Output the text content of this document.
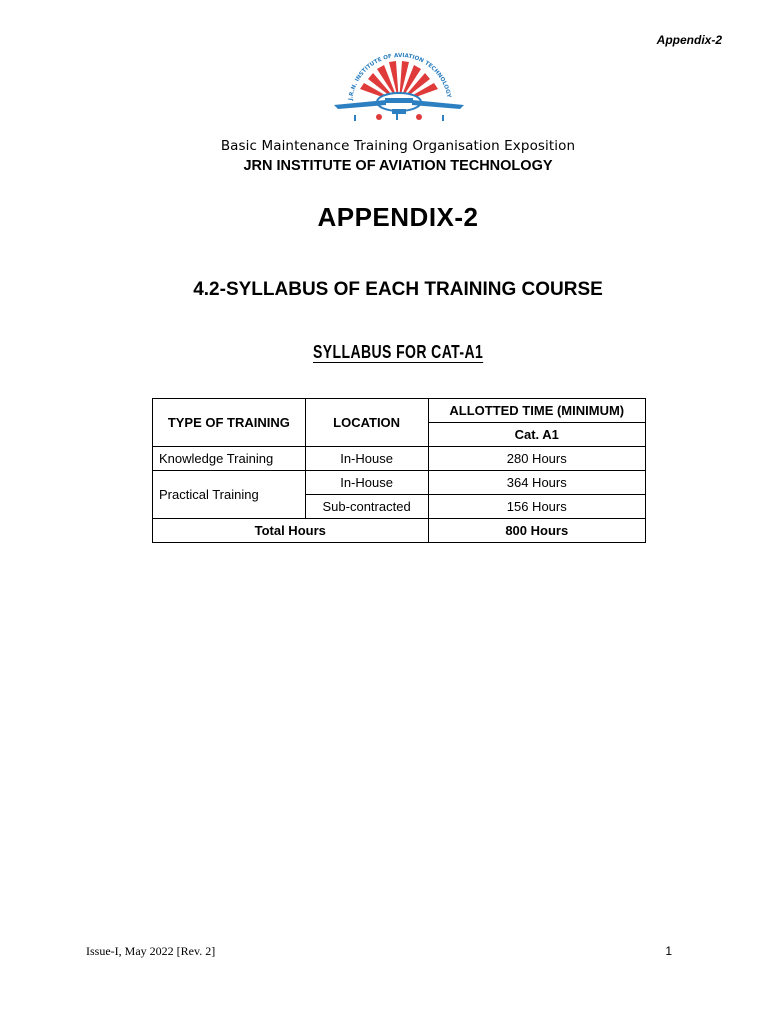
Appendix-2
J.R.N. INSTITUTE OF AVIATION TECHNOLOGY
Basic Maintenance Training Organisation Exposition
JRN INSTITUTE OF AVIATION TECHNOLOGY
APPENDIX-2
4.2-SYLLABUS OF EACH TRAINING COURSE
SYLLABUS FOR CAT-A1
TYPE OF TRAINING	LOCATION	ALLOTTED TIME (MINIMUM)
		Cat. A1
Knowledge Training	In-House	280 Hours
Practical Training	In-House	364 Hours
	Sub-contracted	156 Hours
Total Hours		800 Hours
Issue-I, May 2022 [Rev. 2]	1
